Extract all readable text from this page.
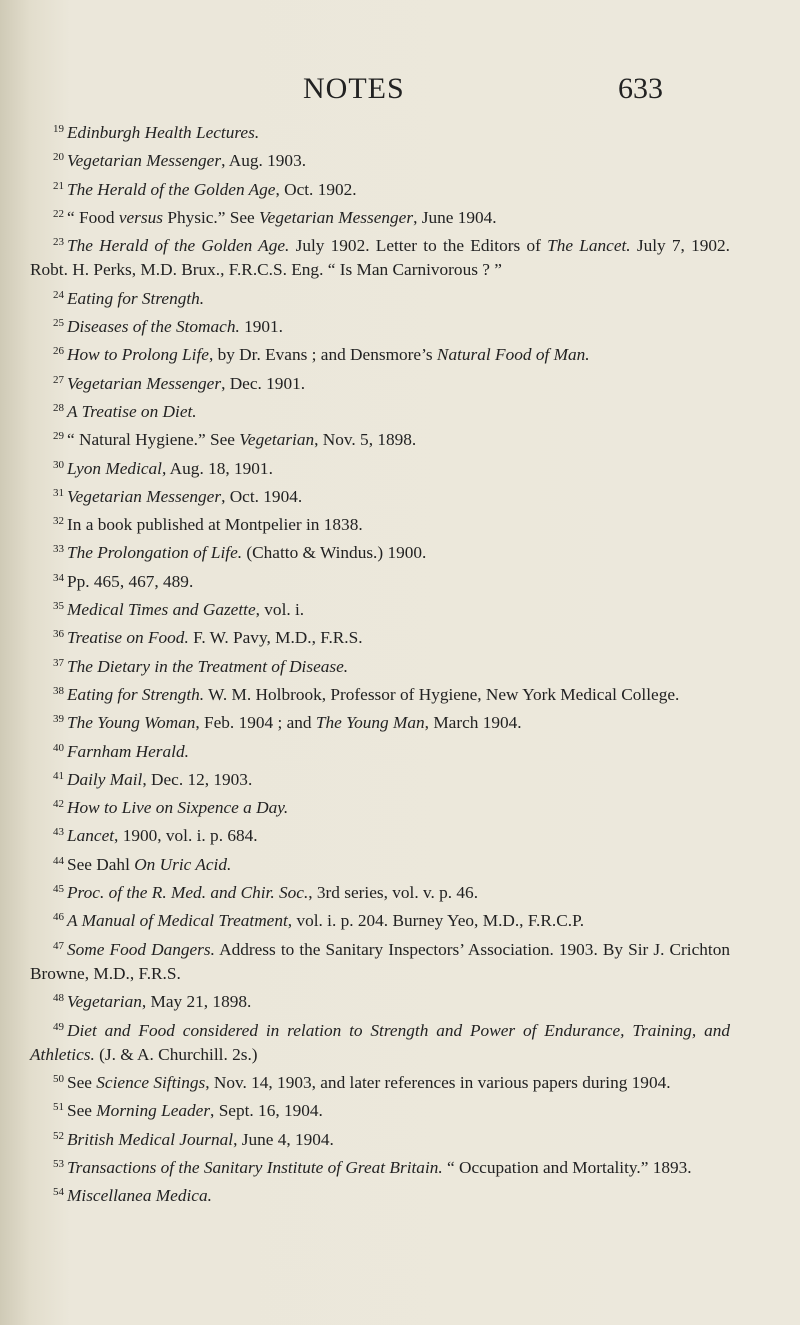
NOTES	633

$^{19}$ Edinburgh Health Lectures.

$^{20}$ Vegetarian Messenger, Aug. 1903.

$^{21}$ The Herald of the Golden Age, Oct. 1902.

$^{22}$ “ Food versus Physic.” See Vegetarian Messenger, June 1904.

$^{23}$ The Herald of the Golden Age. July 1902. Letter to the Editors of The Lancet. July 7, 1902. Robt. H. Perks, M.D. Brux., F.R.C.S. Eng. “ Is Man Carnivorous ? ”

$^{24}$ Eating for Strength.

$^{25}$ Diseases of the Stomach. 1901.

$^{26}$ How to Prolong Life, by Dr. Evans ; and Densmore’s Natural Food of Man.

$^{27}$ Vegetarian Messenger, Dec. 1901.

$^{28}$ A Treatise on Diet.

$^{29}$ “ Natural Hygiene.” See Vegetarian, Nov. 5, 1898.

$^{30}$ Lyon Medical, Aug. 18, 1901.

$^{31}$ Vegetarian Messenger, Oct. 1904.

$^{32}$ In a book published at Montpelier in 1838.

$^{33}$ The Prolongation of Life. (Chatto & Windus.) 1900.

$^{34}$ Pp. 465, 467, 489.

$^{35}$ Medical Times and Gazette, vol. i.

$^{36}$ Treatise on Food. F. W. Pavy, M.D., F.R.S.

$^{37}$ The Dietary in the Treatment of Disease.

$^{38}$ Eating for Strength. W. M. Holbrook, Professor of Hygiene, New York Medical College.

$^{39}$ The Young Woman, Feb. 1904 ; and The Young Man, March 1904.

$^{40}$ Farnham Herald.

$^{41}$ Daily Mail, Dec. 12, 1903.

$^{42}$ How to Live on Sixpence a Day.

$^{43}$ Lancet, 1900, vol. i. p. 684.

$^{44}$ See Dahl On Uric Acid.

$^{45}$ Proc. of the R. Med. and Chir. Soc., 3rd series, vol. v. p. 46.

$^{46}$ A Manual of Medical Treatment, vol. i. p. 204. Burney Yeo, M.D., F.R.C.P.

$^{47}$ Some Food Dangers. Address to the Sanitary Inspectors’ Association. 1903. By Sir J. Crichton Browne, M.D., F.R.S.

$^{48}$ Vegetarian, May 21, 1898.

$^{49}$ Diet and Food considered in relation to Strength and Power of Endurance, Training, and Athletics. (J. & A. Churchill. 2s.)

$^{50}$ See Science Siftings, Nov. 14, 1903, and later references in various papers during 1904.

$^{51}$ See Morning Leader, Sept. 16, 1904.

$^{52}$ British Medical Journal, June 4, 1904.

$^{53}$ Transactions of the Sanitary Institute of Great Britain. “ Occupation and Mortality.” 1893.

$^{54}$ Miscellanea Medica.
